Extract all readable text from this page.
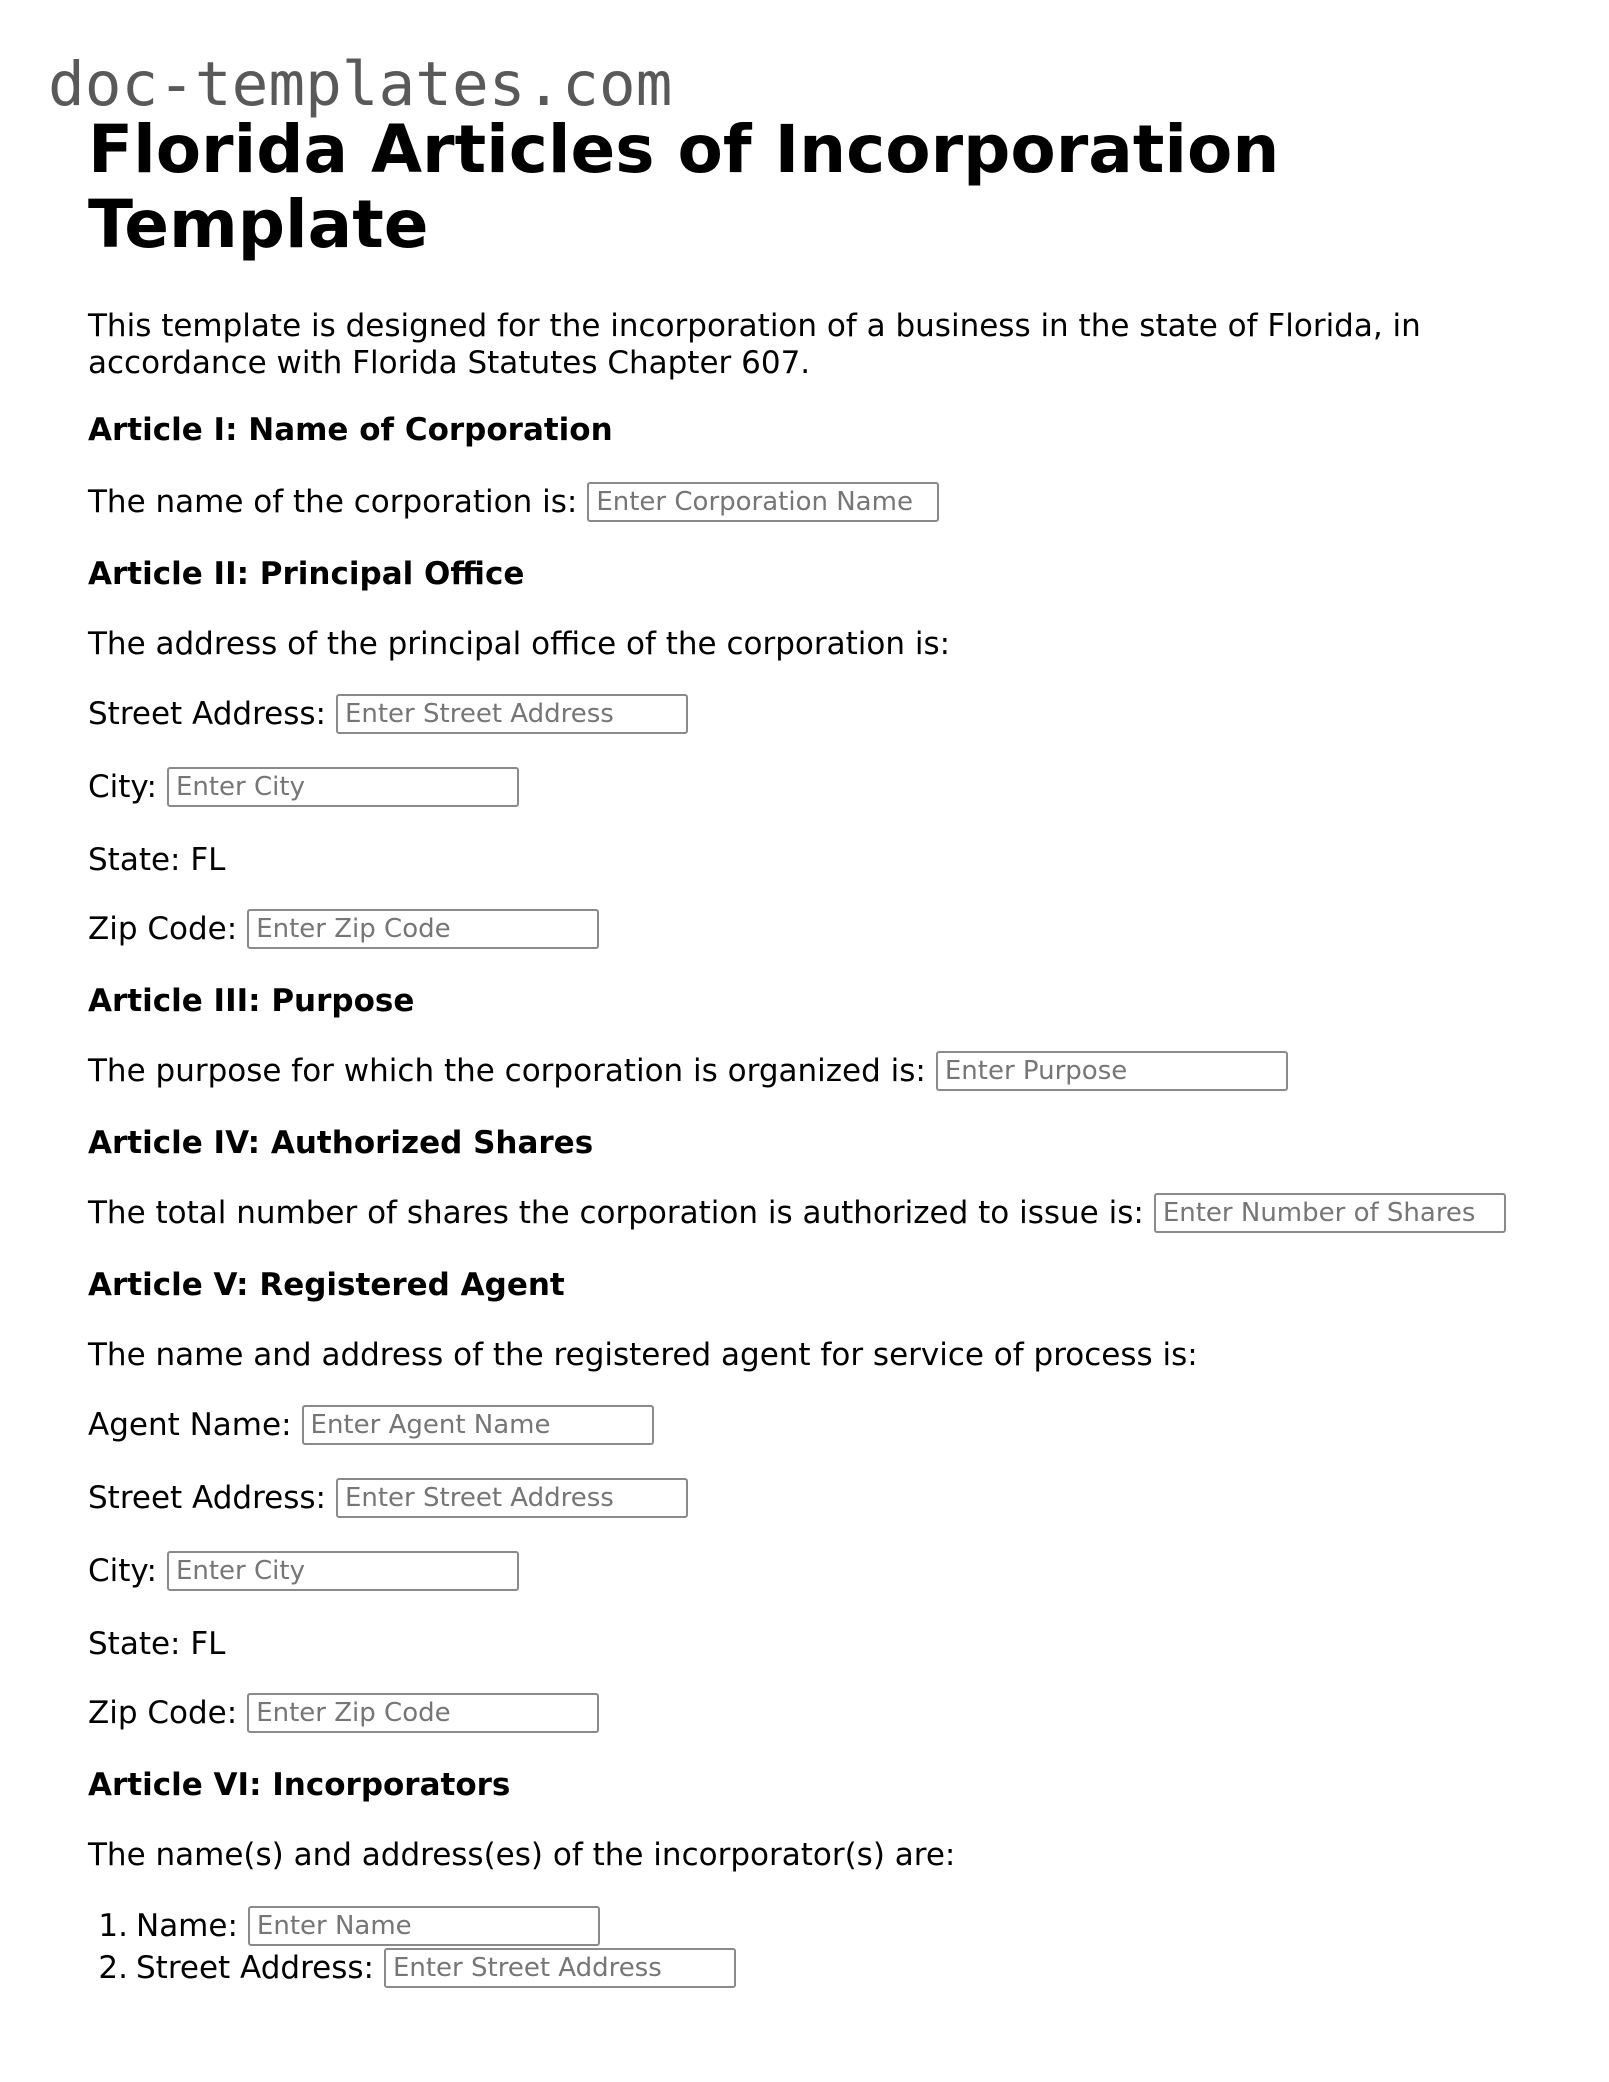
doc-templates.com

Florida Articles of Incorporation Template

This template is designed for the incorporation of a business in the state of Florida, in accordance with Florida Statutes Chapter 607.

Article I: Name of Corporation

The name of the corporation is:
Enter Corporation Name

Article II: Principal Office

The address of the principal office of the corporation is:
Street Address:
Enter Street Address
City:
Enter City
State: FL
Zip Code:
Enter Zip Code

Article III: Purpose

The purpose for which the corporation is organized is:
Enter Purpose

Article IV: Authorized Shares

The total number of shares the corporation is authorized to issue is:
Enter Number of Shares

Article V: Registered Agent

The name and address of the registered agent for service of process is:
Agent Name:
Enter Agent Name
Street Address:
Enter Street Address
City:
Enter City
State: FL
Zip Code:
Enter Zip Code

Article VI: Incorporators

The name(s) and address(es) of the incorporator(s) are:
1. Name:
Enter Name
2. Street Address:
Enter Street Address
